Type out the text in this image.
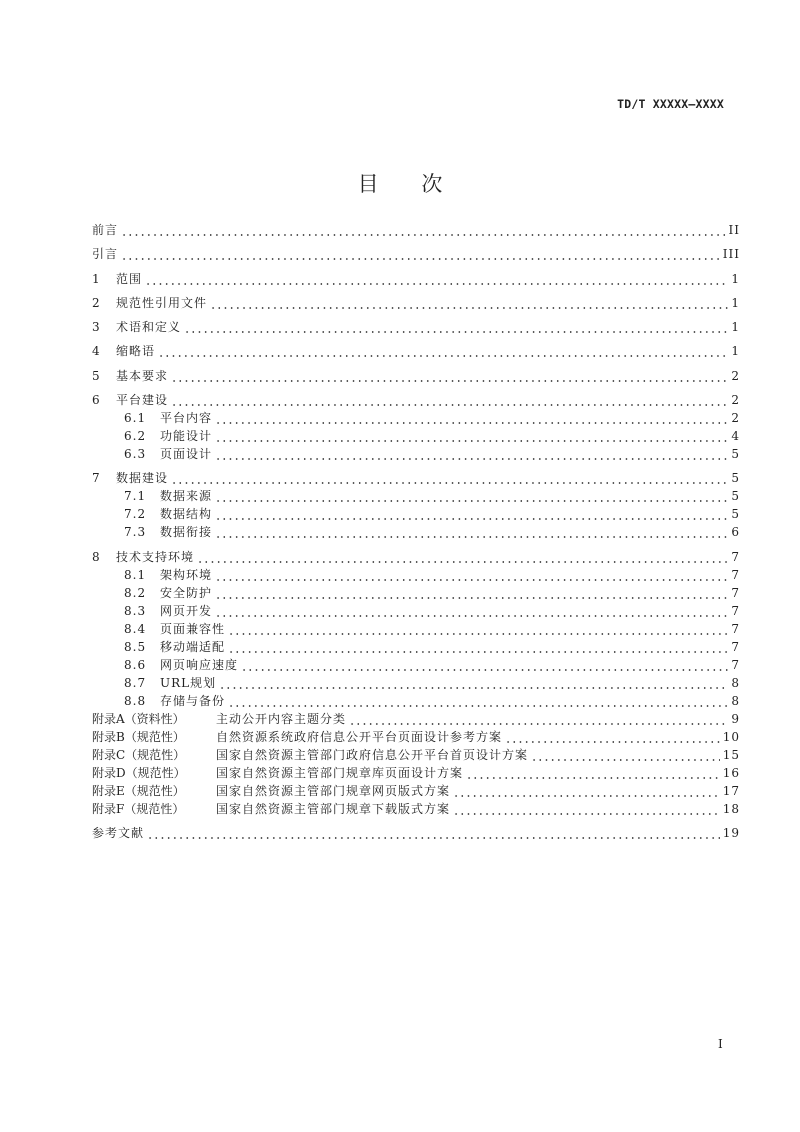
TD/T XXXXX—XXXX
目 次
前言	II
引言	III
1	范围	1
2	规范性引用文件	1
3	术语和定义	1
4	缩略语	1
5	基本要求	2
6	平台建设	2
6.1	平台内容	2
6.2	功能设计	4
6.3	页面设计	5
7	数据建设	5
7.1	数据来源	5
7.2	数据结构	5
7.3	数据衔接	6
8	技术支持环境	7
8.1	架构环境	7
8.2	安全防护	7
8.3	网页开发	7
8.4	页面兼容性	7
8.5	移动端适配	7
8.6	网页响应速度	7
8.7	URL规划	8
8.8	存储与备份	8
附录A（资料性）	主动公开内容主题分类	9
附录B（规范性）	自然资源系统政府信息公开平台页面设计参考方案	10
附录C（规范性）	国家自然资源主管部门政府信息公开平台首页设计方案	15
附录D（规范性）	国家自然资源主管部门规章库页面设计方案	16
附录E（规范性）	国家自然资源主管部门规章网页版式方案	17
附录F（规范性）	国家自然资源主管部门规章下载版式方案	18
参考文献	19
I
